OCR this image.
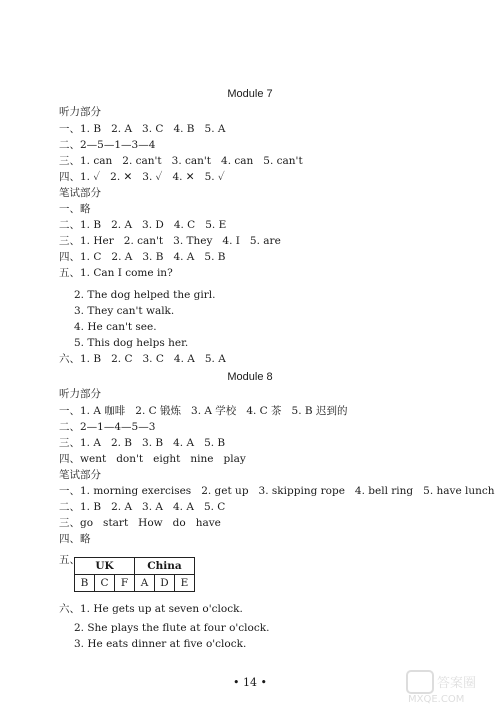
Module 7
听力部分
一、1. B   2. A   3. C   4. B   5. A
二、2—5—1—3—4
三、1. can   2. can't   3. can't   4. can   5. can't
四、1. ✓   2. ✕   3. ✓   4. ✕   5. ✓
笔试部分
一、略
二、1. B   2. A   3. D   4. C   5. E
三、1. Her   2. can't   3. They   4. I   5. are
四、1. C   2. A   3. B   4. A   5. B
五、1. Can I come in?
2. The dog helped the girl.
3. They can't walk.
4. He can't see.
5. This dog helps her.
六、1. B   2. C   3. C   4. A   5. A
Module 8
听力部分
一、1. A 咖啡   2. C 锻炼   3. A 学校   4. C 茶   5. B 迟到的
二、2—1—4—5—3
三、1. A   2. B   3. B   4. A   5. B
四、went   don't   eight   nine   play
笔试部分
一、1. morning exercises   2. get up   3. skipping rope   4. bell ring   5. have lunch
二、1. B   2. A   3. A   4. A   5. C
三、go   start   How   do   have
四、略
五、 UK			China		
B	C	F	A	D	E
六、1. He gets up at seven o'clock.
2. She plays the flute at four o'clock.
3. He eats dinner at five o'clock.
• 14 •	答案圈
MXQE.COM
